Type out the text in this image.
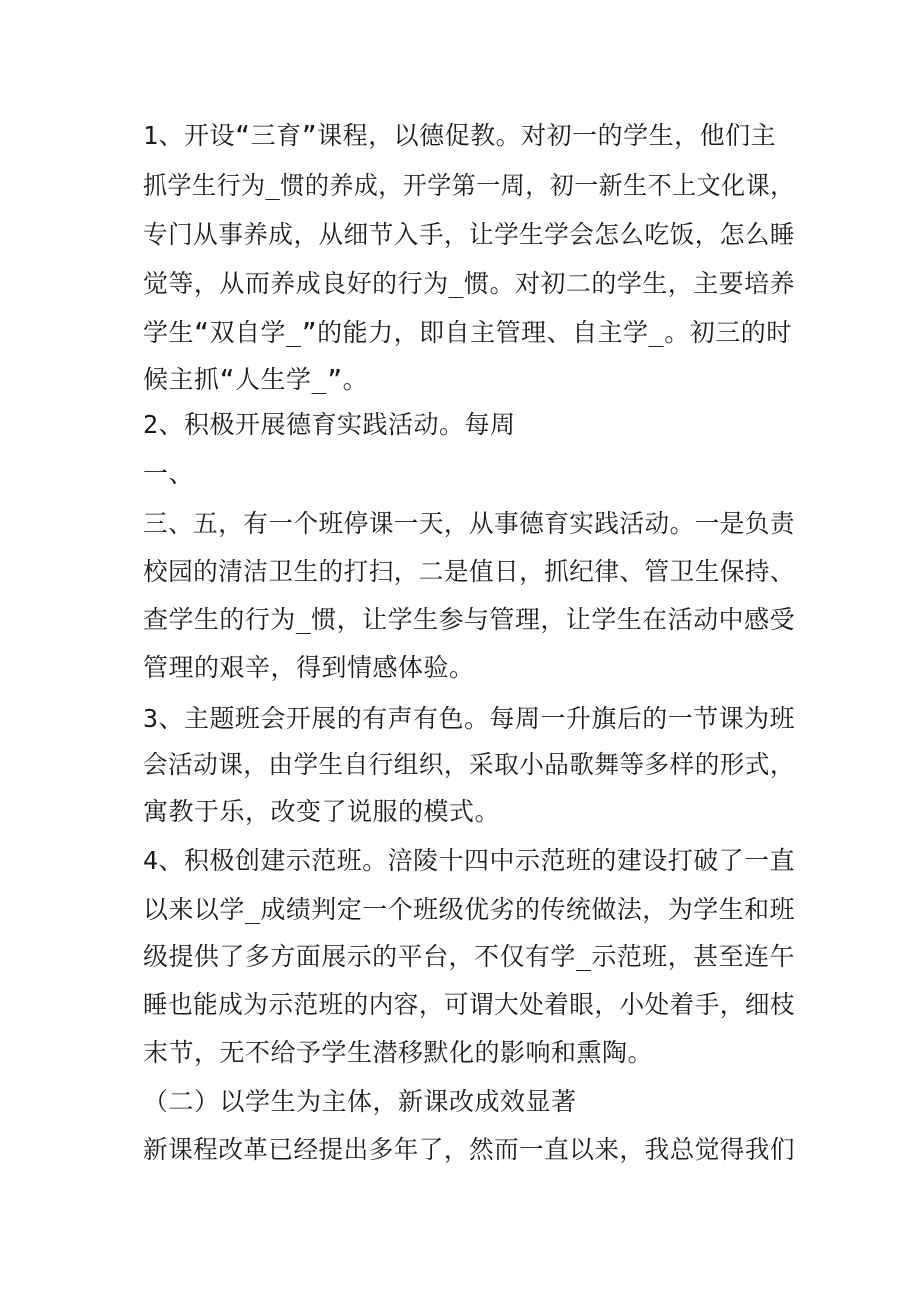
1、开设“三育”课程，以德促教。对初一的学生，他们主
抓学生行为_惯的养成，开学第一周，初一新生不上文化课，
专门从事养成，从细节入手，让学生学会怎么吃饭，怎么睡
觉等，从而养成良好的行为_惯。对初二的学生，主要培养
学生“双自学_”的能力，即自主管理、自主学_。初三的时
候主抓“人生学_”。
2、积极开展德育实践活动。每周
一、
三、五，有一个班停课一天，从事德育实践活动。一是负责
校园的清洁卫生的打扫，二是值日，抓纪律、管卫生保持、
查学生的行为_惯，让学生参与管理，让学生在活动中感受
管理的艰辛，得到情感体验。
3、主题班会开展的有声有色。每周一升旗后的一节课为班
会活动课，由学生自行组织，采取小品歌舞等多样的形式，
寓教于乐，改变了说服的模式。
4、积极创建示范班。涪陵十四中示范班的建设打破了一直
以来以学_成绩判定一个班级优劣的传统做法，为学生和班
级提供了多方面展示的平台，不仅有学_示范班，甚至连午
睡也能成为示范班的内容，可谓大处着眼，小处着手，细枝
末节，无不给予学生潜移默化的影响和熏陶。
（二）以学生为主体，新课改成效显著
新课程改革已经提出多年了，然而一直以来，我总觉得我们
